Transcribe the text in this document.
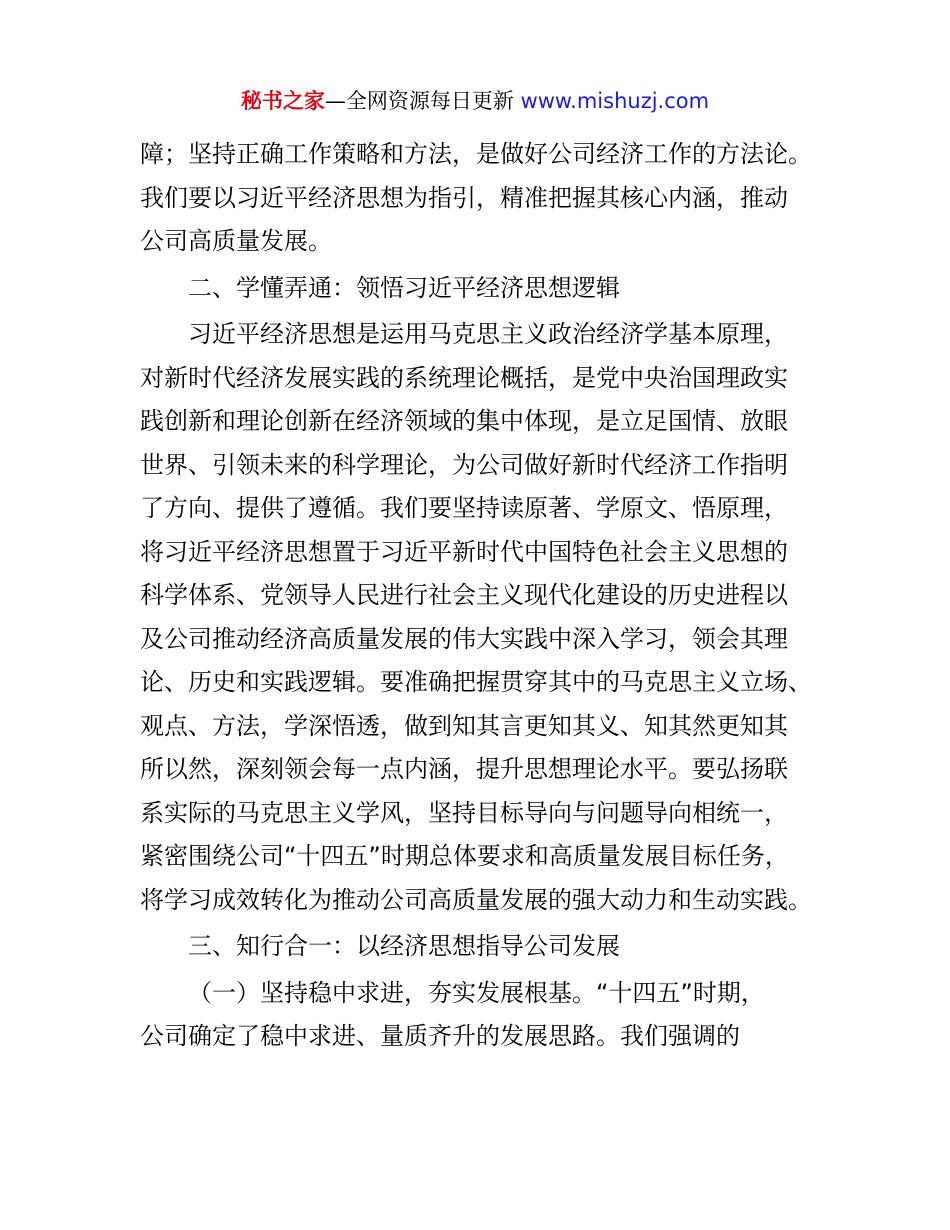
秘书之家—全网资源每日更新 www.mishuzj.com
障；坚持正确工作策略和方法，是做好公司经济工作的方法论。
我们要以习近平经济思想为指引，精准把握其核心内涵，推动
公司高质量发展。
二、学懂弄通：领悟习近平经济思想逻辑
习近平经济思想是运用马克思主义政治经济学基本原理，
对新时代经济发展实践的系统理论概括，是党中央治国理政实
践创新和理论创新在经济领域的集中体现，是立足国情、放眼
世界、引领未来的科学理论，为公司做好新时代经济工作指明
了方向、提供了遵循。我们要坚持读原著、学原文、悟原理，
将习近平经济思想置于习近平新时代中国特色社会主义思想的
科学体系、党领导人民进行社会主义现代化建设的历史进程以
及公司推动经济高质量发展的伟大实践中深入学习，领会其理
论、历史和实践逻辑。要准确把握贯穿其中的马克思主义立场、
观点、方法，学深悟透，做到知其言更知其义、知其然更知其
所以然，深刻领会每一点内涵，提升思想理论水平。要弘扬联
系实际的马克思主义学风，坚持目标导向与问题导向相统一，
紧密围绕公司“十四五”时期总体要求和高质量发展目标任务，
将学习成效转化为推动公司高质量发展的强大动力和生动实践。
三、知行合一：以经济思想指导公司发展
（一）坚持稳中求进，夯实发展根基。“十四五”时期，
公司确定了稳中求进、量质齐升的发展思路。我们强调的
